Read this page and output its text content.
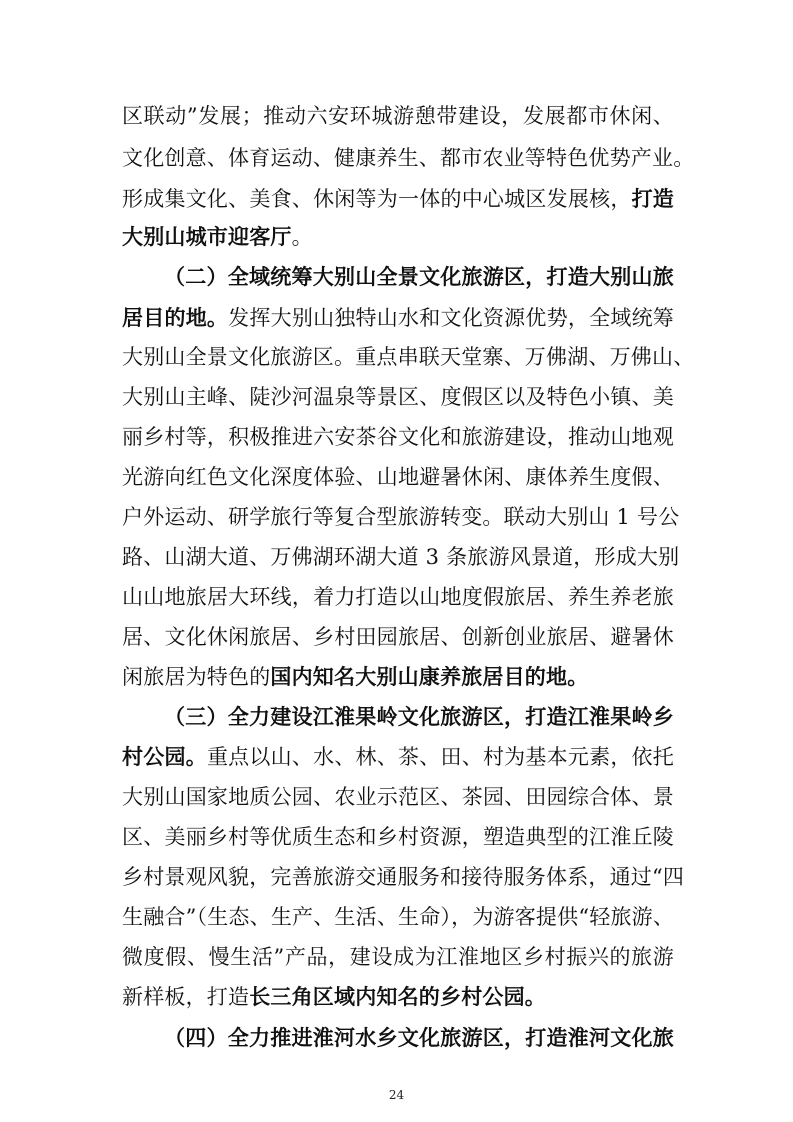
区联动”发展；推动六安环城游憩带建设，发展都市休闲、
文化创意、体育运动、健康养生、都市农业等特色优势产业。
形成集文化、美食、休闲等为一体的中心城区发展核，打造
大别山城市迎客厅。
（二）全域统筹大别山全景文化旅游区，打造大别山旅
居目的地。发挥大别山独特山水和文化资源优势，全域统筹
大别山全景文化旅游区。重点串联天堂寨、万佛湖、万佛山、
大别山主峰、陡沙河温泉等景区、度假区以及特色小镇、美
丽乡村等，积极推进六安茶谷文化和旅游建设，推动山地观
光游向红色文化深度体验、山地避暑休闲、康体养生度假、
户外运动、研学旅行等复合型旅游转变。联动大别山 1 号公
路、山湖大道、万佛湖环湖大道 3 条旅游风景道，形成大别
山山地旅居大环线，着力打造以山地度假旅居、养生养老旅
居、文化休闲旅居、乡村田园旅居、创新创业旅居、避暑休
闲旅居为特色的国内知名大别山康养旅居目的地。
（三）全力建设江淮果岭文化旅游区，打造江淮果岭乡
村公园。重点以山、水、林、茶、田、村为基本元素，依托
大别山国家地质公园、农业示范区、茶园、田园综合体、景
区、美丽乡村等优质生态和乡村资源，塑造典型的江淮丘陵
乡村景观风貌，完善旅游交通服务和接待服务体系，通过“四
生融合”（生态、生产、生活、生命），为游客提供“轻旅游、
微度假、慢生活”产品，建设成为江淮地区乡村振兴的旅游
新样板，打造长三角区域内知名的乡村公园。
（四）全力推进淮河水乡文化旅游区，打造淮河文化旅
24
